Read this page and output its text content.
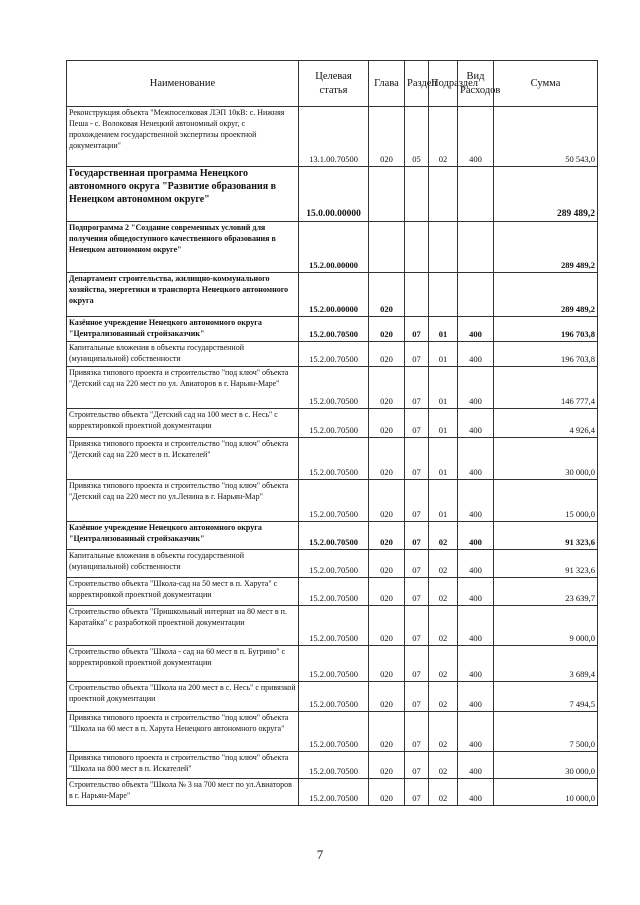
Наименование	Целевая статья	Глава	Раздел	Подраздел	Вид Расходов	Сумма
Реконструкция объекта "Межпоселковая ЛЭП 10кВ: с. Нижняя Пеша - с. Волоковая Ненецкий автономный округ, с прохождением государственной экспертизы проектной документации"	13.1.00.70500	020	05	02	400	50 543,0
Государственная программа Ненецкого автономного округа "Развитие образования в Ненецком автономном округе"	15.0.00.00000					289 489,2
Подпрограмма 2 "Создание современных условий для получения общедоступного качественного образования в Ненецком автономном округе"	15.2.00.00000					289 489,2
Департамент строительства, жилищно-коммунального хозяйства, энергетики и транспорта Ненецкого автономного округа	15.2.00.00000	020				289 489,2
Казённое учреждение Ненецкого автономного округа "Централизованный стройзаказчик"	15.2.00.70500	020	07	01	400	196 703,8
Капитальные вложения в объекты государственной (муниципальной) собственности	15.2.00.70500	020	07	01	400	196 703,8
Привязка типового проекта и строительство "под ключ" объекта "Детский сад на 220 мест по ул. Авиаторов в г. Нарьян-Маре"	15.2.00.70500	020	07	01	400	146 777,4
Строительство объекта "Детский сад на 100 мест в с. Несь" с корректировкой проектной документации	15.2.00.70500	020	07	01	400	4 926,4
Привязка типового проекта и строительство "под ключ" объекта "Детский сад на 220 мест в п. Искателей"	15.2.00.70500	020	07	01	400	30 000,0
Привязка типового проекта и строительство "под ключ" объекта "Детский сад на 220 мест по ул.Ленина в г. Нарьян-Мар"	15.2.00.70500	020	07	01	400	15 000,0
Казённое учреждение Ненецкого автономного округа "Централизованный стройзаказчик"	15.2.00.70500	020	07	02	400	91 323,6
Капитальные вложения в объекты государственной (муниципальной) собственности	15.2.00.70500	020	07	02	400	91 323,6
Строительство объекта "Школа-сад на 50 мест в п. Харута" с корректировкой проектной документации	15.2.00.70500	020	07	02	400	23 639,7
Строительство объекта "Пришкольный интернат на 80 мест в п. Каратайка" с разработкой проектной документации	15.2.00.70500	020	07	02	400	9 000,0
Строительство объекта "Школа - сад на 60 мест в п. Бугрино" с корректировкой проектной документации	15.2.00.70500	020	07	02	400	3 689,4
Строительство объекта "Школа на 200 мест в с. Несь" с привязкой проектной документации	15.2.00.70500	020	07	02	400	7 494,5
Привязка типового проекта и строительство "под ключ" объекта "Школа на 60 мест в п. Харута Ненецкого автономного округа"	15.2.00.70500	020	07	02	400	7 500,0
Привязка типового проекта и строительство "под ключ" объекта "Школа на 800 мест в п. Искателей"	15.2.00.70500	020	07	02	400	30 000,0
Строительство объекта "Школа № 3 на 700 мест по ул.Авиаторов в г. Нарьян-Маре"	15.2.00.70500	020	07	02	400	10 000,0
7
